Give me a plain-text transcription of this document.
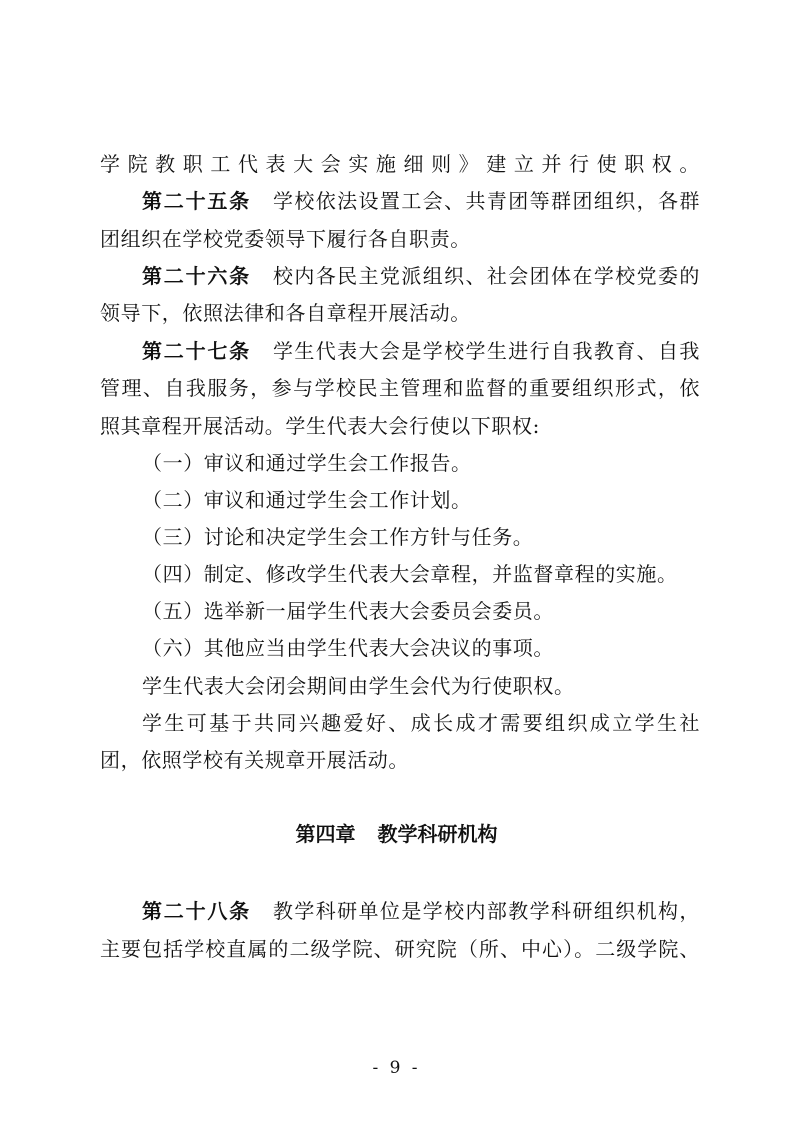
学院教职工代表大会实施细则》建立并行使职权。
第二十五条 学校依法设置工会、共青团等群团组织，各群
团组织在学校党委领导下履行各自职责。
第二十六条 校内各民主党派组织、社会团体在学校党委的
领导下，依照法律和各自章程开展活动。
第二十七条 学生代表大会是学校学生进行自我教育、自我
管理、自我服务，参与学校民主管理和监督的重要组织形式，依
照其章程开展活动。学生代表大会行使以下职权:
（一）审议和通过学生会工作报告。
（二）审议和通过学生会工作计划。
（三）讨论和决定学生会工作方针与任务。
（四）制定、修改学生代表大会章程，并监督章程的实施。
（五）选举新一届学生代表大会委员会委员。
（六）其他应当由学生代表大会决议的事项。
学生代表大会闭会期间由学生会代为行使职权。
学生可基于共同兴趣爱好、成长成才需要组织成立学生社
团，依照学校有关规章开展活动。
第四章 教学科研机构
第二十八条 教学科研单位是学校内部教学科研组织机构，
主要包括学校直属的二级学院、研究院（所、中心）。二级学院、
- 9 -
